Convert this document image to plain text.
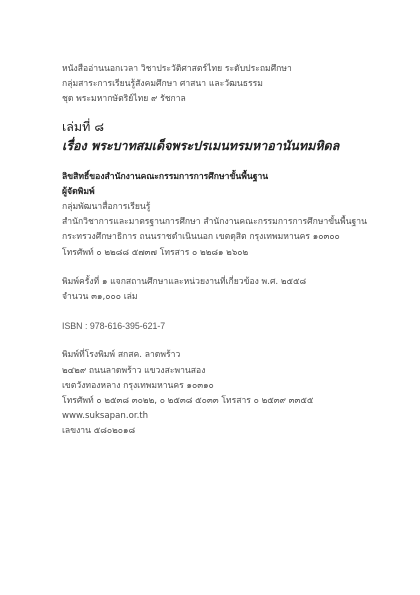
หนังสืออ่านนอกเวลา วิชาประวัติศาสตร์ไทย ระดับประถมศึกษา
กลุ่มสาระการเรียนรู้สังคมศึกษา ศาสนา และวัฒนธรรม
ชุด พระมหากษัตริย์ไทย ๙ รัชกาล
เล่มที่ ๘
เรื่อง พระบาทสมเด็จพระปรเมนทรมหาอานันทมหิดล
ลิขสิทธิ์ของสำนักงานคณะกรรมการการศึกษาขั้นพื้นฐาน
ผู้จัดพิมพ์
กลุ่มพัฒนาสื่อการเรียนรู้
สำนักวิชาการและมาตรฐานการศึกษา สำนักงานคณะกรรมการการศึกษาขั้นพื้นฐาน
กระทรวงศึกษาธิการ ถนนราชดำเนินนอก เขตดุสิต กรุงเทพมหานคร ๑๐๓๐๐
โทรศัพท์ ๐ ๒๒๘๘ ๕๗๓๗ โทรสาร ๐ ๒๒๘๑ ๒๖๐๒
พิมพ์ครั้งที่ ๑ แจกสถานศึกษาและหน่วยงานที่เกี่ยวข้อง พ.ศ. ๒๕๕๘
จำนวน ๓๑,๐๐๐ เล่ม
ISBN : 978-616-395-621-7
พิมพ์ที่โรงพิมพ์ สกสค. ลาดพร้าว
๒๔๒๙ ถนนลาดพร้าว แขวงสะพานสอง
เขตวังทองหลาง กรุงเทพมหานคร ๑๐๓๑๐
โทรศัพท์ ๐ ๒๕๓๘ ๓๐๒๒, ๐ ๒๕๓๘ ๕๐๓๓ โทรสาร ๐ ๒๕๓๙ ๓๓๕๕
www.suksapan.or.th
เลขงาน ๕๘๐๒๐๑๘
